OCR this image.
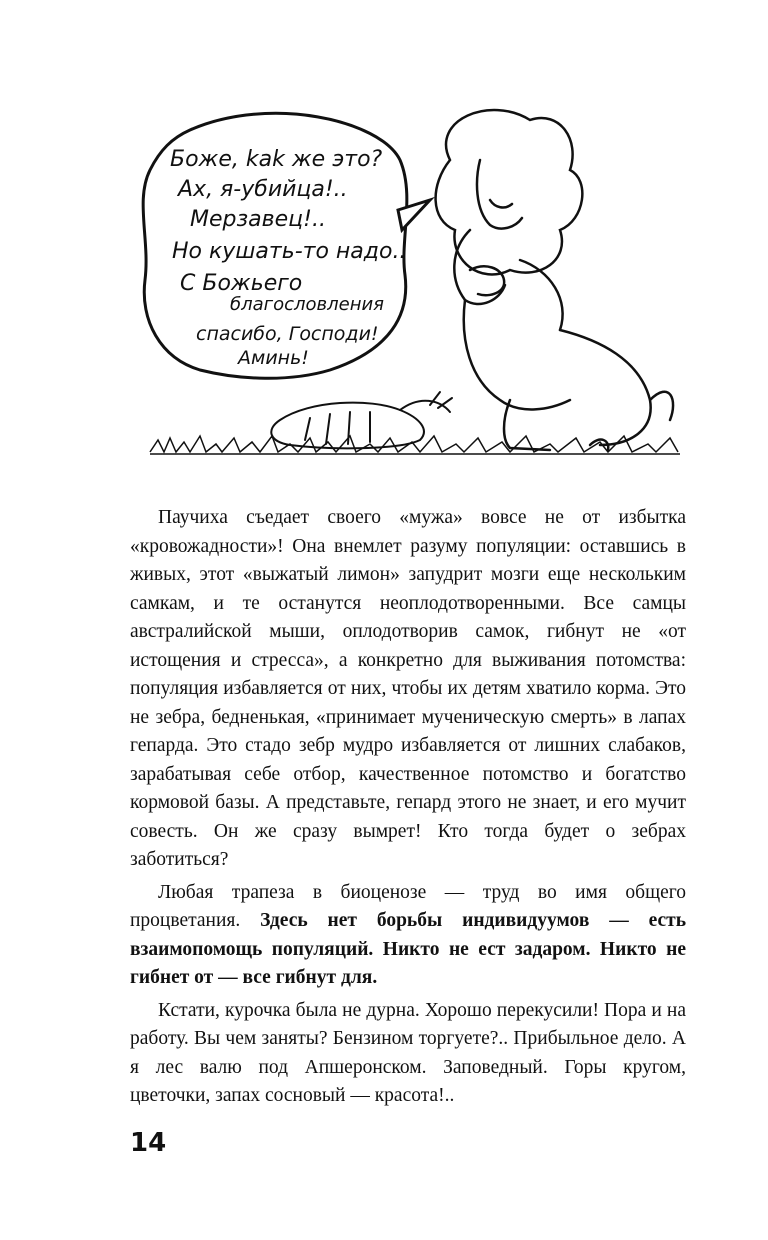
Боже, kak же это?
Ах, я-убийца!..
Мерзавец!..
Но кушать-то надо..
С Божьего
благословления
спасибо, Господи!
Аминь!

Паучиха съедает своего «мужа» вовсе не от избытка «кровожадности»! Она внемлет разуму популяции: оставшись в живых, этот «выжатый лимон» запудрит мозги еще нескольким самкам, и те останутся неоплодотворенными. Все самцы австралийской мыши, оплодотворив самок, гибнут не «от истощения и стресса», а конкретно для выживания потомства: популяция избавляется от них, чтобы их детям хватило корма. Это не зебра, бедненькая, «принимает мученическую смерть» в лапах гепарда. Это стадо зебр мудро избавляется от лишних слабаков, зарабатывая себе отбор, качественное потомство и богатство кормовой базы. А представьте, гепард этого не знает, и его мучит совесть. Он же сразу вымрет! Кто тогда будет о зебрах заботиться?

Любая трапеза в биоценозе — труд во имя общего процветания. Здесь нет борьбы индивидуумов — есть взаимопомощь популяций. Никто не ест задаром. Никто не гибнет от — все гибнут для.

Кстати, курочка была не дурна. Хорошо перекусили! Пора и на работу. Вы чем заняты? Бензином торгуете?.. Прибыльное дело. А я лес валю под Апшеронском. Заповедный. Горы кругом, цветочки, запах сосновый — красота!..

14
